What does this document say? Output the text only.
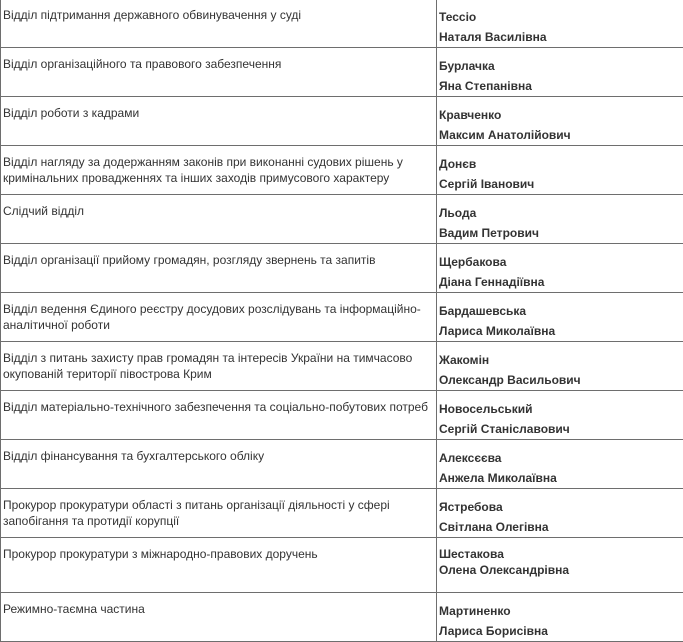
Відділ підтримання державного обвинувачення у суді	Тессіо
Наталя Василівна

Відділ організаційного та правового забезпечення	Бурлачка
Яна Степанівна

Відділ роботи з кадрами	Кравченко
Максим Анатолійович

Відділ нагляду за додержанням законів при виконанні судових рішень у кримінальних провадженнях та інших заходів примусового характеру	Донєв
Сергій Іванович

Слідчий відділ	Льода
Вадим Петрович

Відділ організації прийому громадян, розгляду звернень та запитів	Щербакова
Діана Геннадіївна

Відділ ведення Єдиного реєстру досудових розслідувань та інформаційно-аналітичної роботи	Бардашевська
Лариса Миколаївна

Відділ з питань захисту прав громадян та інтересів України на тимчасово окупованій території півострова Крим	Жакомін
Олександр Васильович

Відділ матеріально-технічного забезпечення та соціально-побутових потреб	Новосельський
Сергій Станіславович

Відділ фінансування та бухгалтерського обліку	Алексєєва
Анжела Миколаївна

Прокурор прокуратури області з питань організації діяльності у сфері запобігання та протидії корупції	Ястребова
Світлана Олегівна

Прокурор прокуратури з міжнародно-правових доручень	Шестакова
Олена Олександрівна

Режимно-таємна частина	Мартиненко
Лариса Борисівна
